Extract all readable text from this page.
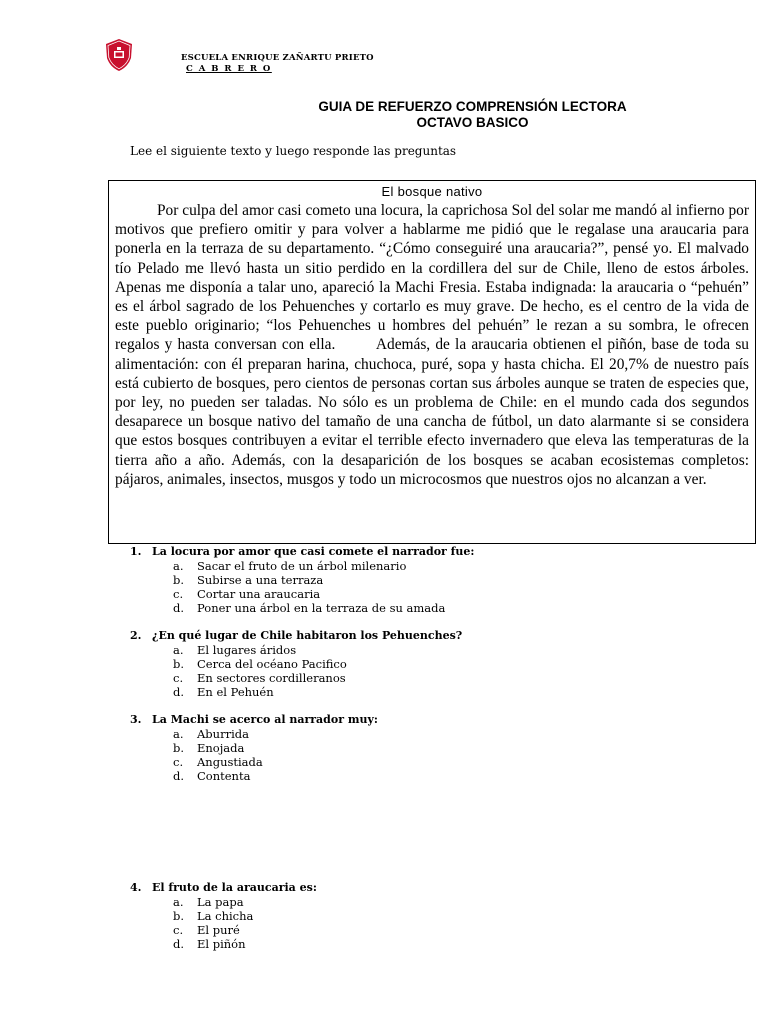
ESCUELA ENRIQUE ZAÑARTU PRIETO
C A B R E R O
GUIA DE REFUERZO COMPRENSIÓN LECTORA
OCTAVO BASICO
Lee el siguiente texto y luego responde las preguntas

El bosque nativo

Por culpa del amor casi cometo una locura, la caprichosa Sol del solar me mandó al infierno por motivos que prefiero omitir y para volver a hablarme me pidió que le regalase una araucaria para ponerla en la terraza de su departamento. “¿Cómo conseguiré una araucaria?”, pensé yo. El malvado tío Pelado me llevó hasta un sitio perdido en la cordillera del sur de Chile, lleno de estos árboles. Apenas me disponía a talar uno, apareció la Machi Fresia. Estaba indignada: la araucaria o “pehuén” es el árbol sagrado de los Pehuenches y cortarlo es muy grave. De hecho, es el centro de la vida de este pueblo originario; “los Pehuenches u hombres del pehuén” le rezan a su sombra, le ofrecen regalos y hasta conversan con ella.        Además, de la araucaria obtienen el piñón, base de toda su alimentación: con él preparan harina, chuchoca, puré, sopa y hasta chicha. El 20,7% de nuestro país está cubierto de bosques, pero cientos de personas cortan sus árboles aunque se traten de especies que, por ley, no pueden ser taladas. No sólo es un problema de Chile: en el mundo cada dos segundos desaparece un bosque nativo del tamaño de una cancha de fútbol, un dato alarmante si se considera que estos bosques contribuyen a evitar el terrible efecto invernadero que eleva las temperaturas de la tierra año a año. Además, con la desaparición de los bosques se acaban ecosistemas completos: pájaros, animales, insectos, musgos y todo un microcosmos que nuestros ojos no alcanzan a ver.

1. La locura por amor que casi comete el narrador fue:
a.	Sacar el fruto de un árbol milenario
b.	Subirse a una terraza
c.	Cortar una araucaria
d.	Poner una árbol en la terraza de su amada
2. ¿En qué lugar de Chile habitaron los Pehuenches?
a.	El lugares áridos
b.	Cerca del océano Pacifico
c.	En sectores cordilleranos
d.	En el Pehuén
3. La Machi se acerco al narrador muy:
a.	Aburrida
b.	Enojada
c.	Angustiada
d.	Contenta
4. El fruto de la araucaria es:
a.	La papa
b.	La chicha
c.	El puré
d.	El piñón
